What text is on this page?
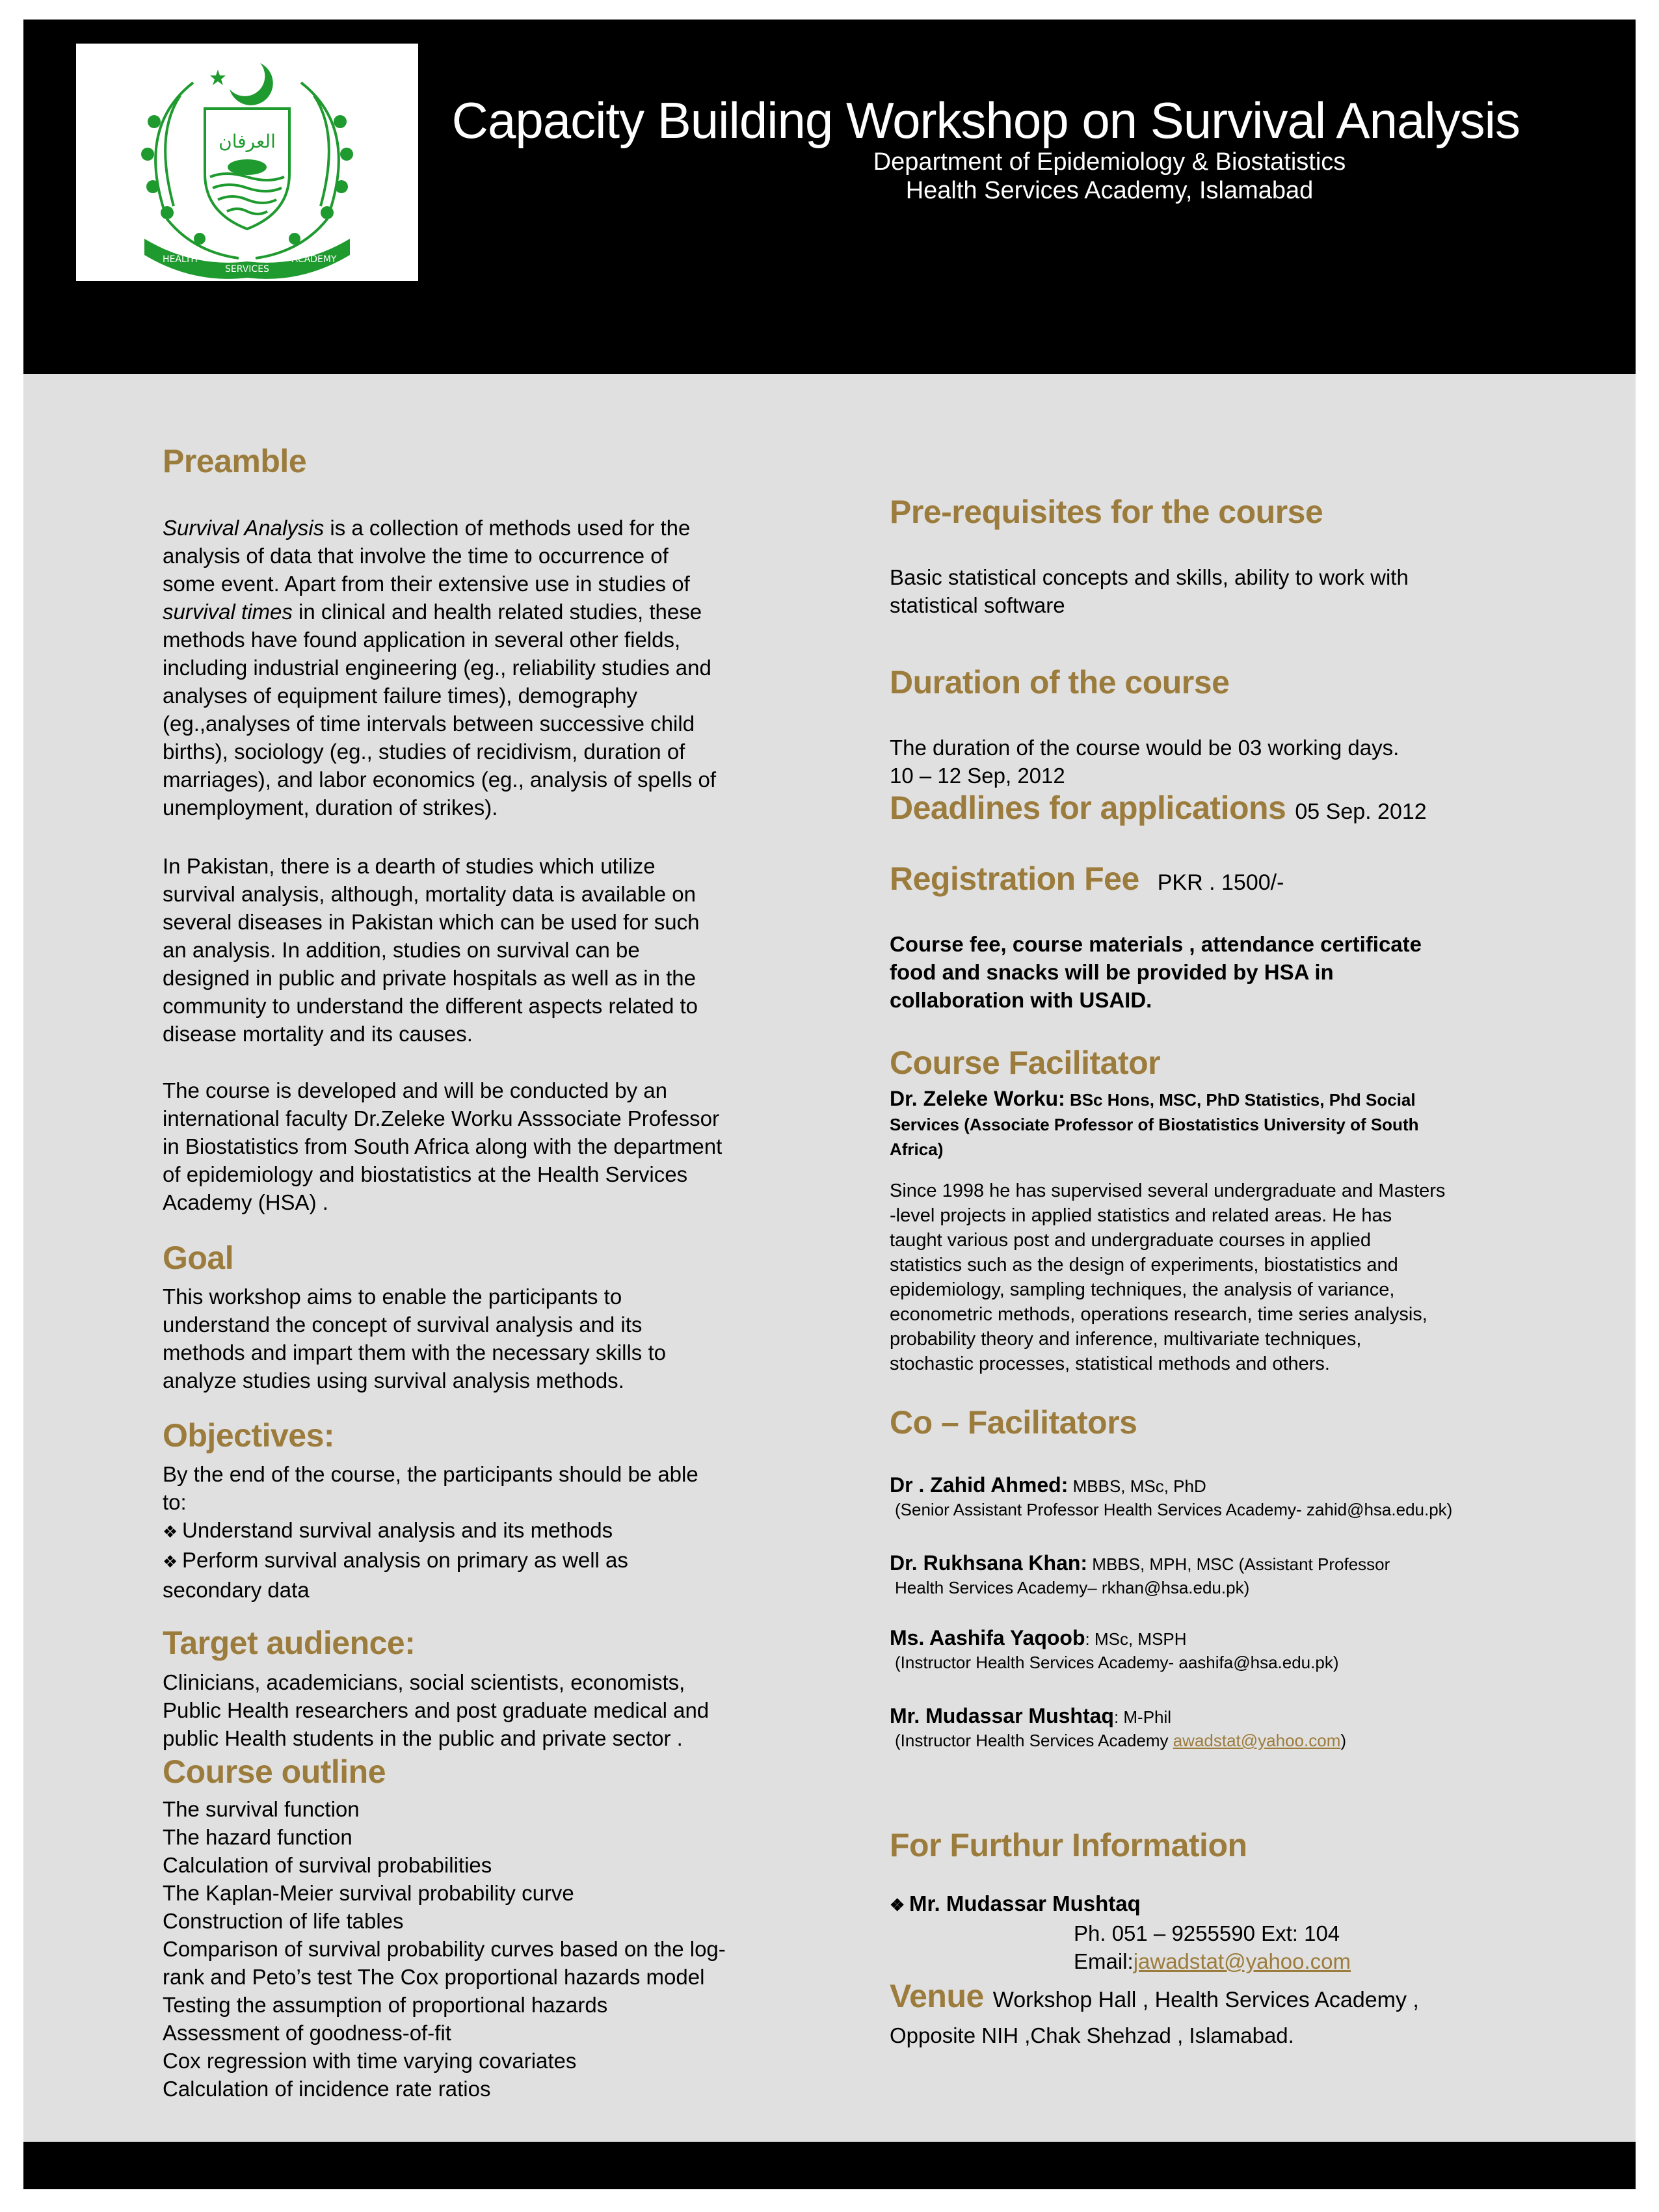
العرفان
HEALTH
SERVICES
ACADEMY
Capacity Building Workshop on Survival Analysis
Department of Epidemiology & Biostatistics
Health Services Academy, Islamabad
Preamble
Survival Analysis is a collection of methods used for the
analysis of data that involve the time to occurrence of
some event. Apart from their extensive use in studies of
survival times in clinical and health related studies, these
methods have found application in several other fields,
including industrial engineering (eg., reliability studies and
analyses of equipment failure times), demography
(eg.,analyses of time intervals between successive child
births), sociology (eg., studies of recidivism, duration of
marriages), and labor economics (eg., analysis of spells of
unemployment, duration of strikes).
In Pakistan, there is a dearth of studies which utilize
survival analysis, although, mortality data is available on
several diseases in Pakistan which can be used for such
an analysis. In addition, studies on survival can be
designed in public and private hospitals as well as in the
community to understand the different aspects related to
disease mortality and its causes.
The course is developed and will be conducted by an
international faculty Dr.Zeleke Worku Asssociate Professor
in Biostatistics from South Africa along with the department
of epidemiology and biostatistics at the Health Services
Academy (HSA) .
Goal
This workshop aims to enable the participants to
understand the concept of survival analysis and its
methods and impart them with the necessary skills to
analyze studies using survival analysis methods.
Objectives:
By the end of the course, the participants should be able
to:
❖ Understand survival analysis and its methods
❖ Perform survival analysis on primary as well as
secondary data
Target audience:
Clinicians, academicians, social scientists, economists,
Public Health researchers and post graduate medical and
public Health students in the public and private sector .
Course outline
The survival function
The hazard function
Calculation of survival probabilities
The Kaplan-Meier survival probability curve
Construction of life tables
Comparison of survival probability curves based on the log-
rank and Peto’s test The Cox proportional hazards model
Testing the assumption of proportional hazards
Assessment of goodness-of-fit
Cox regression with time varying covariates
Calculation of incidence rate ratios
Pre-requisites for the course
Basic statistical concepts and skills, ability to work with
statistical software
Duration of the course
The duration of the course would be 03 working days.
10 – 12 Sep, 2012
Deadlines for applications 05 Sep. 2012
Registration Fee PKR . 1500/-
Course fee, course materials , attendance certificate
food and snacks will be provided by HSA in
collaboration with USAID.
Course Facilitator
Dr. Zeleke Worku: BSc Hons, MSC, PhD Statistics, Phd Social
Services (Associate Professor of Biostatistics University of South
Africa)
Since 1998 he has supervised several undergraduate and Masters
-level projects in applied statistics and related areas. He has
taught various post and undergraduate courses in applied
statistics such as the design of experiments, biostatistics and
epidemiology, sampling techniques, the analysis of variance,
econometric methods, operations research, time series analysis,
probability theory and inference, multivariate techniques,
stochastic processes, statistical methods and others.
Co – Facilitators
Dr . Zahid Ahmed: MBBS, MSc, PhD
(Senior Assistant Professor Health Services Academy- zahid@hsa.edu.pk)
Dr. Rukhsana Khan: MBBS, MPH, MSC (Assistant Professor
Health Services Academy– rkhan@hsa.edu.pk)
Ms. Aashifa Yaqoob: MSc, MSPH
(Instructor Health Services Academy- aashifa@hsa.edu.pk)
Mr. Mudassar Mushtaq: M-Phil
(Instructor Health Services Academy awadstat@yahoo.com)
For Furthur Information
❖ Mr. Mudassar Mushtaq
Ph. 051 – 9255590 Ext: 104
Email:jawadstat@yahoo.com
Venue Workshop Hall , Health Services Academy ,
Opposite NIH ,Chak Shehzad , Islamabad.
